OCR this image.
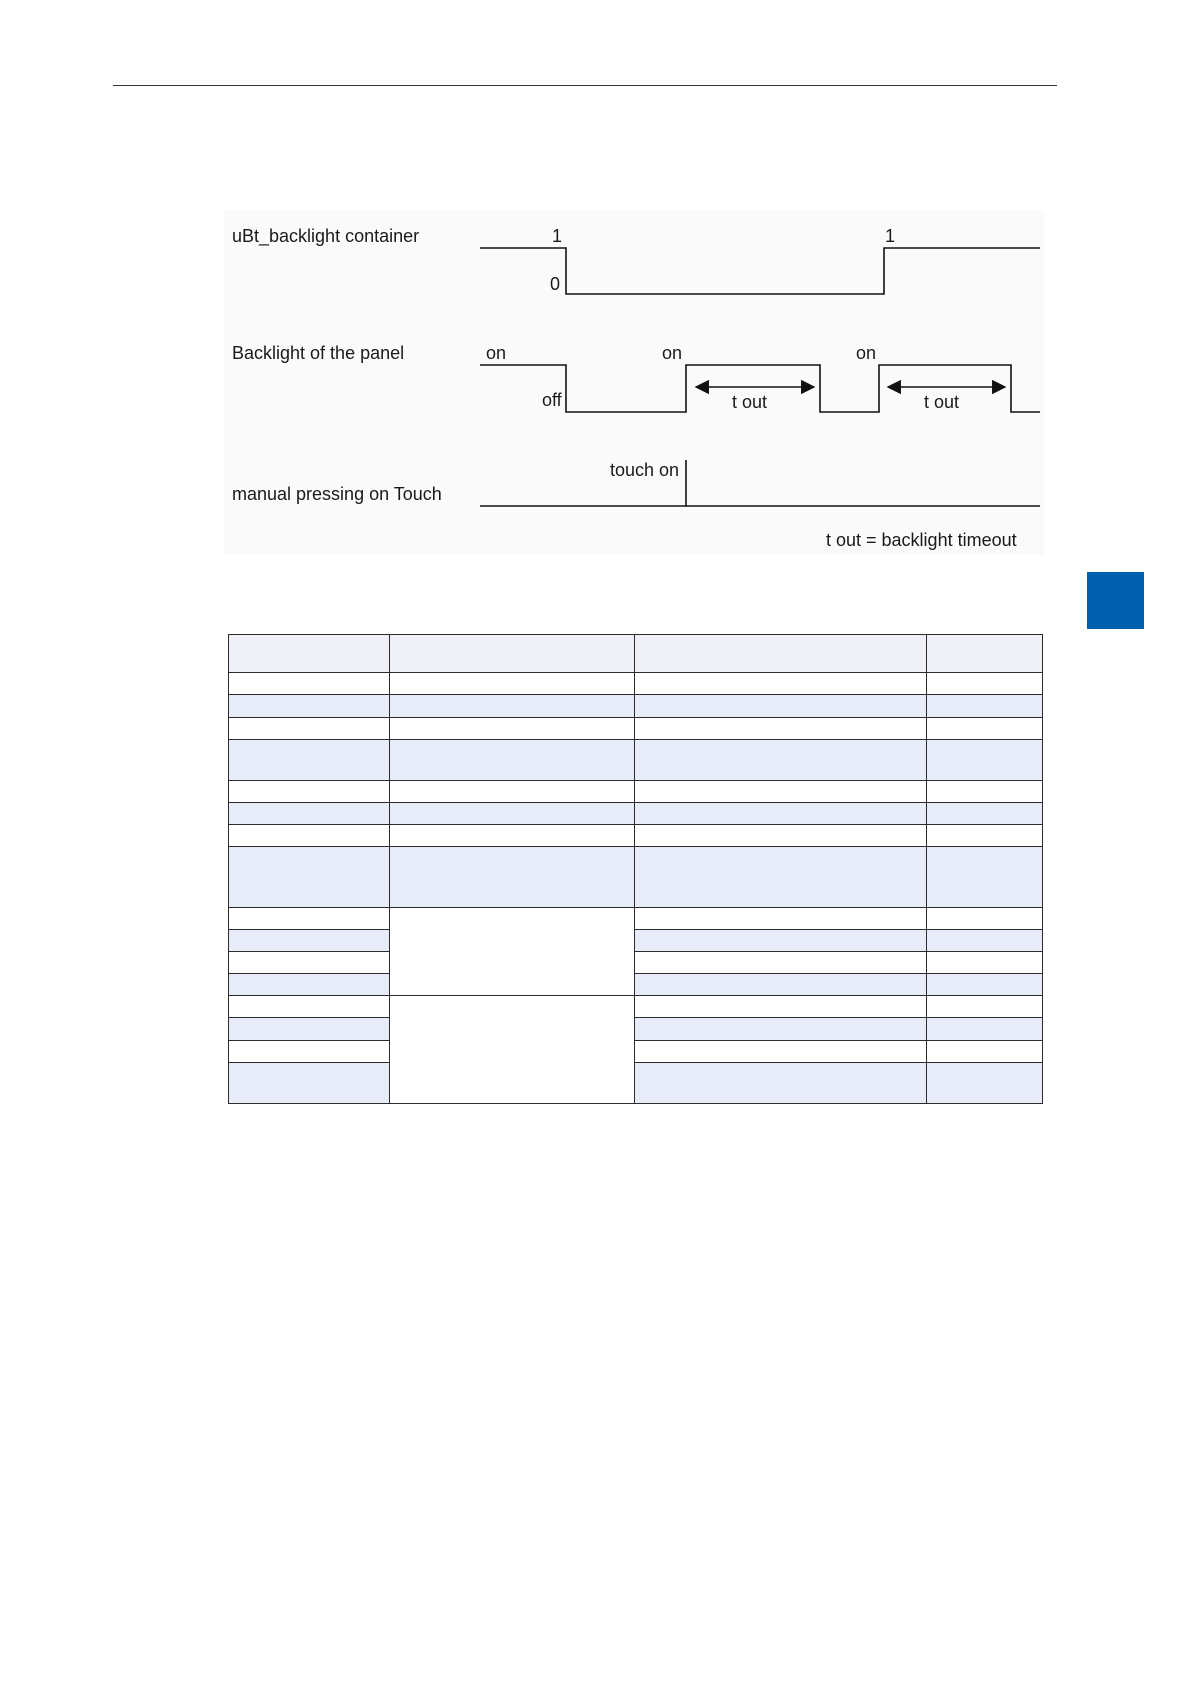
uBt_backlight container	1
0
1
Backlight of the panel	on
off
on	on
t out	t out
manual pressing on Touch
touch on
t out = backlight timeout
